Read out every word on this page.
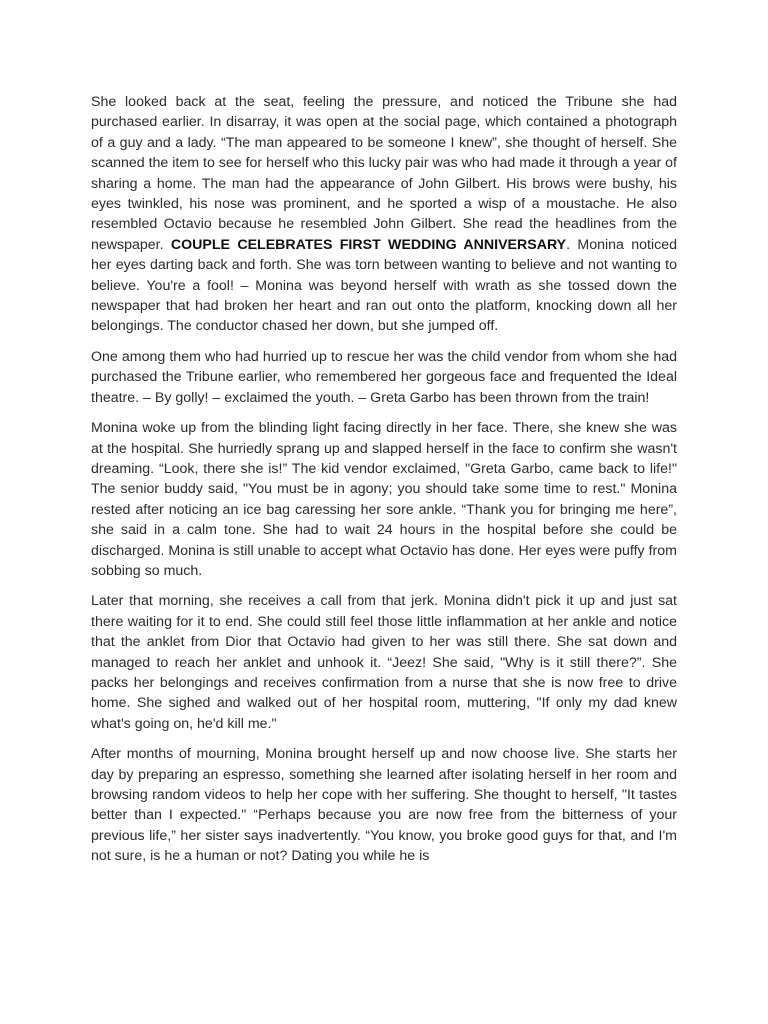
She looked back at the seat, feeling the pressure, and noticed the Tribune she had purchased earlier. In disarray, it was open at the social page, which contained a photograph of a guy and a lady. “The man appeared to be someone I knew”, she thought of herself. She scanned the item to see for herself who this lucky pair was who had made it through a year of sharing a home. The man had the appearance of John Gilbert. His brows were bushy, his eyes twinkled, his nose was prominent, and he sported a wisp of a moustache. He also resembled Octavio because he resembled John Gilbert. She read the headlines from the newspaper. COUPLE CELEBRATES FIRST WEDDING ANNIVERSARY. Monina noticed her eyes darting back and forth. She was torn between wanting to believe and not wanting to believe. You're a fool! – Monina was beyond herself with wrath as she tossed down the newspaper that had broken her heart and ran out onto the platform, knocking down all her belongings. The conductor chased her down, but she jumped off.

One among them who had hurried up to rescue her was the child vendor from whom she had purchased the Tribune earlier, who remembered her gorgeous face and frequented the Ideal theatre. – By golly! – exclaimed the youth. – Greta Garbo has been thrown from the train!

Monina woke up from the blinding light facing directly in her face. There, she knew she was at the hospital. She hurriedly sprang up and slapped herself in the face to confirm she wasn't dreaming. “Look, there she is!” The kid vendor exclaimed, "Greta Garbo, came back to life!" The senior buddy said, "You must be in agony; you should take some time to rest." Monina rested after noticing an ice bag caressing her sore ankle. “Thank you for bringing me here”, she said in a calm tone. She had to wait 24 hours in the hospital before she could be discharged. Monina is still unable to accept what Octavio has done. Her eyes were puffy from sobbing so much.

Later that morning, she receives a call from that jerk. Monina didn't pick it up and just sat there waiting for it to end. She could still feel those little inflammation at her ankle and notice that the anklet from Dior that Octavio had given to her was still there. She sat down and managed to reach her anklet and unhook it. “Jeez! She said, "Why is it still there?”. She packs her belongings and receives confirmation from a nurse that she is now free to drive home. She sighed and walked out of her hospital room, muttering, "If only my dad knew what's going on, he'd kill me."

After months of mourning, Monina brought herself up and now choose live. She starts her day by preparing an espresso, something she learned after isolating herself in her room and browsing random videos to help her cope with her suffering. She thought to herself, "It tastes better than I expected." “Perhaps because you are now free from the bitterness of your previous life,” her sister says inadvertently. “You know, you broke good guys for that, and I'm not sure, is he a human or not? Dating you while he is
